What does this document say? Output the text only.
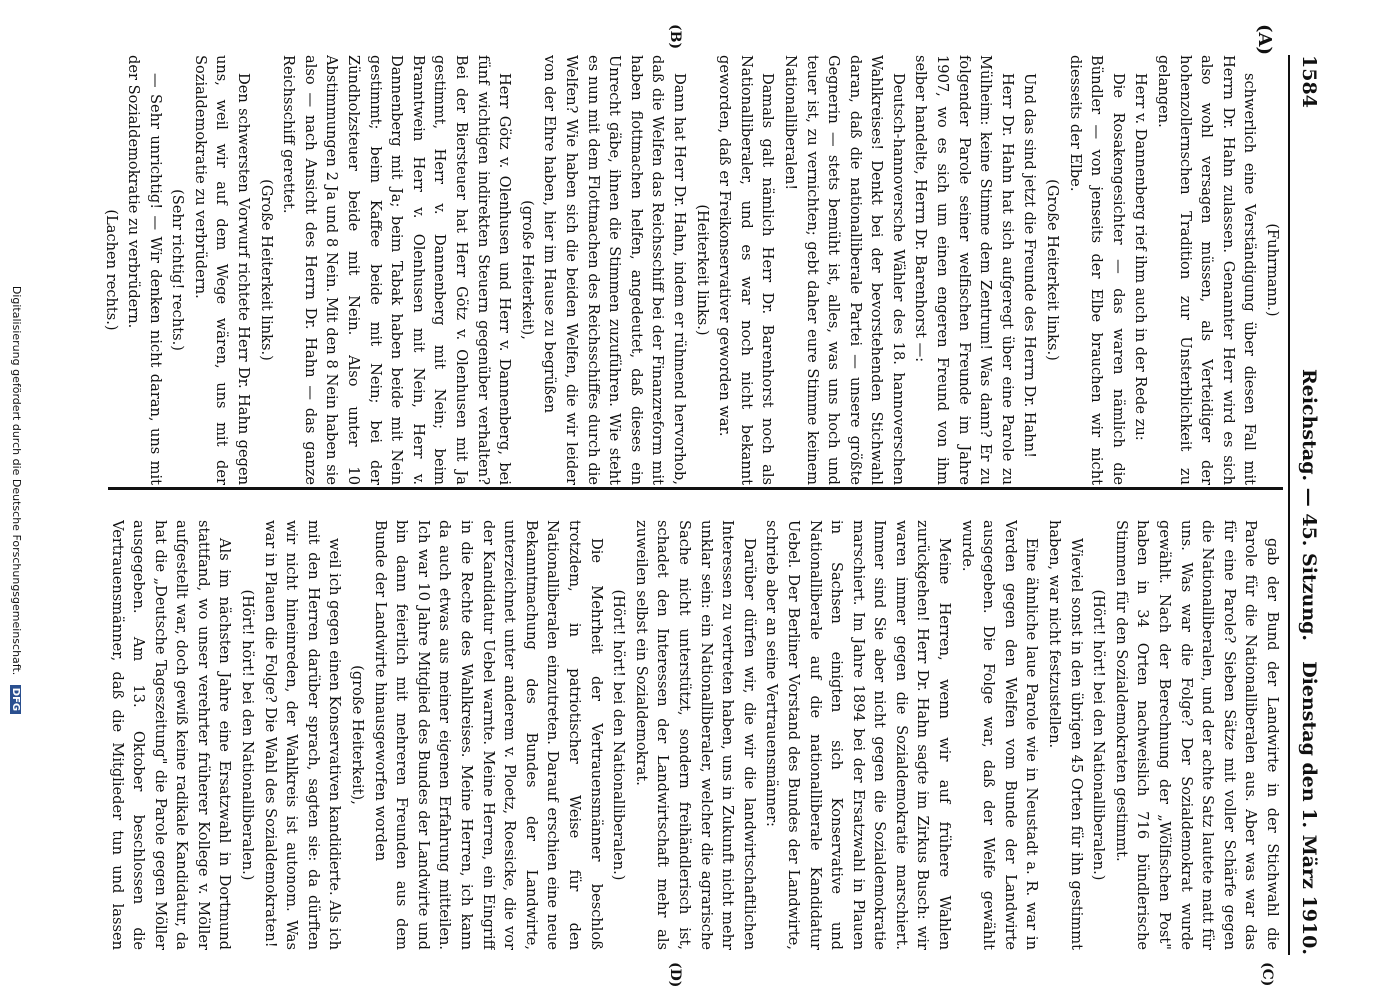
1584
Reichstag. — 45. Sitzung.
Dienstag den 1. März 1910.
(A)
(B)
(C)
(D)

(Fuhrmann.)

schwerlich eine Verständigung über diesen Fall mit Herrn Dr. Hahn zulassen. Genannter Herr wird es sich also wohl versagen müssen, als Verteidiger der hohenzollernschen Tradition zur Unsterblichkeit zu gelangen.

Herr v. Dannenberg rief ihm auch in der Rede zu:

Die Rosakengesichter — das waren nämlich die Bündler — von jenseits der Elbe brauchen wir nicht diesseits der Elbe.

(Große Heiterkeit links.)

Und das sind jetzt die Freunde des Herrn Dr. Hahn!

Herr Dr. Hahn hat sich aufgeregt über eine Parole zu Mülheim: keine Stimme dem Zentrum! Was dann? Er zu folgender Parole seiner welfischen Freunde im Jahre 1907, wo es sich um einen engeren Freund von ihm selber handelte, Herrn Dr. Barenhorst —:

Deutsch-hannoversche Wähler des 18. hannoverschen Wahlkreises! Denkt bei der bevorstehenden Stichwahl daran, daß die nationalliberale Partei — unsere größte Gegnerin — stets bemüht ist, alles, was uns hoch und teuer ist, zu vernichten; gebt daher eure Stimme keinem Nationalliberalen!

Damals galt nämlich Herr Dr. Barenhorst noch als Nationalliberaler, und es war noch nicht bekannt geworden, daß er Freikonservativer geworden war.

(Heiterkeit links.)

Dann hat Herr Dr. Hahn, indem er rühmend hervorhob, daß die Welfen das Reichsschiff bei der Finanzreform mit haben flottmachen helfen, angedeutet, daß dieses ein Unrecht gäbe, ihnen die Stimmen zuzuführen. Wie steht es nun mit dem Flottmachen des Reichsschiffes durch die Welfen? Wie haben sich die beiden Welfen, die wir leider von der Ehre haben, hier im Hause zu begrüßen

(große Heiterkeit),

Herr Götz v. Olenhusen und Herr v. Dannenberg, bei fünf wichtigen indirekten Steuern gegenüber verhalten? Bei der Biersteuer hat Herr Götz v. Olenhusen mit Ja gestimmt, Herr v. Dannenberg mit Nein; beim Branntwein Herr v. Olenhusen mit Nein, Herr v. Dannenberg mit Ja; beim Tabak haben beide mit Nein gestimmt; beim Kaffee beide mit Nein; bei der Zündholzsteuer beide mit Nein. Also unter 10 Abstimmungen 2 Ja und 8 Nein. Mit den 8 Nein haben sie also — nach Ansicht des Herrn Dr. Hahn — das ganze Reichsschiff gerettet.

(Große Heiterkeit links.)

Den schwersten Vorwurf richtete Herr Dr. Hahn gegen uns, weil wir auf dem Wege wären, uns mit der Sozialdemokratie zu verbrüdern.

(Sehr richtig! rechts.)

— Sehr unrichtig! — Wir denken nicht daran, uns mit der Sozialdemokratie zu verbrüdern.

(Lachen rechts.)

gab der Bund der Landwirte in der Stichwahl die Parole für die Nationalliberalen aus. Aber was war das für eine Parole? Sieben Sätze mit voller Schärfe gegen die Nationalliberalen, und der achte Satz lautete matt für uns. Was war die Folge? Der Sozialdemokrat wurde gewählt. Nach der Berechnung der „Wölfischen Post" haben in 34 Orten nachweislich 716 bündlerische Stimmen für den Sozialdemokraten gestimmt.

(Hört! hört! bei den Nationalliberalen.)

Wieviel sonst in den übrigen 45 Orten für ihn gestimmt haben, war nicht festzustellen.

Eine ähnliche laue Parole wie in Neustadt a. R. war in Verden gegen den Welfen vom Bunde der Landwirte ausgegeben. Die Folge war, daß der Welfe gewählt wurde.

Meine Herren, wenn wir auf frühere Wahlen zurückgehen! Herr Dr. Hahn sagte im Zirkus Busch: wir waren immer gegen die Sozialdemokratie marschiert. Immer sind Sie aber nicht gegen die Sozialdemokratie marschiert. Im Jahre 1894 bei der Ersatzwahl in Plauen in Sachsen einigten sich Konservative und Nationalliberale auf die nationalliberale Kandidatur Uebel. Der Berliner Vorstand des Bundes der Landwirte, schrieb aber an seine Vertrauensmänner:

Darüber dürfen wir, die wir die landwirtschaftlichen Interessen zu vertreten haben, uns in Zukunft nicht mehr unklar sein: ein Nationalliberaler, welcher die agrarische Sache nicht unterstützt, sondern freihändlerisch ist, schadet den Interessen der Landwirtschaft mehr als zuweilen selbst ein Sozialdemokrat.

(Hört! hört! bei den Nationalliberalen.)

Die Mehrheit der Vertrauensmänner beschloß trotzdem, in patriotischer Weise für den Nationalliberalen einzutreten. Darauf erschien eine neue Bekanntmachung des Bundes der Landwirte, unterzeichnet unter anderem v. Ploetz, Roesicke, die vor der Kandidatur Uebel warnte. Meine Herren, ein Eingriff in die Rechte des Wahlkreises. Meine Herren, ich kann da auch etwas aus meiner eigenen Erfahrung mitteilen. Ich war 10 Jahre Mitglied des Bundes der Landwirte und bin dann feierlich mit mehreren Freunden aus dem Bunde der Landwirte hinausgeworfen worden

(große Heiterkeit),

weil ich gegen einen Konservativen kandidierte. Als ich mit den Herren darüber sprach, sagten sie: da dürften wir nicht hineinreden, der Wahlkreis ist autonom. Was war in Plauen die Folge? Die Wahl des Sozialdemokraten!

(Hört! hört! bei den Nationalliberalen.)

Als im nächsten Jahre eine Ersatzwahl in Dortmund stattfand, wo unser verehrter früherer Kollege v. Möller aufgestellt war, doch gewiß keine radikale Kandidatur, da hat die „Deutsche Tageszeitung" die Parole gegen Möller ausgegeben. Am 13. Oktober beschlossen die Vertrauensmänner, daß die Mitglieder tun und lassen

Digitalisierung gefördert durch die Deutsche Forschungsgemeinschaft. DFG
